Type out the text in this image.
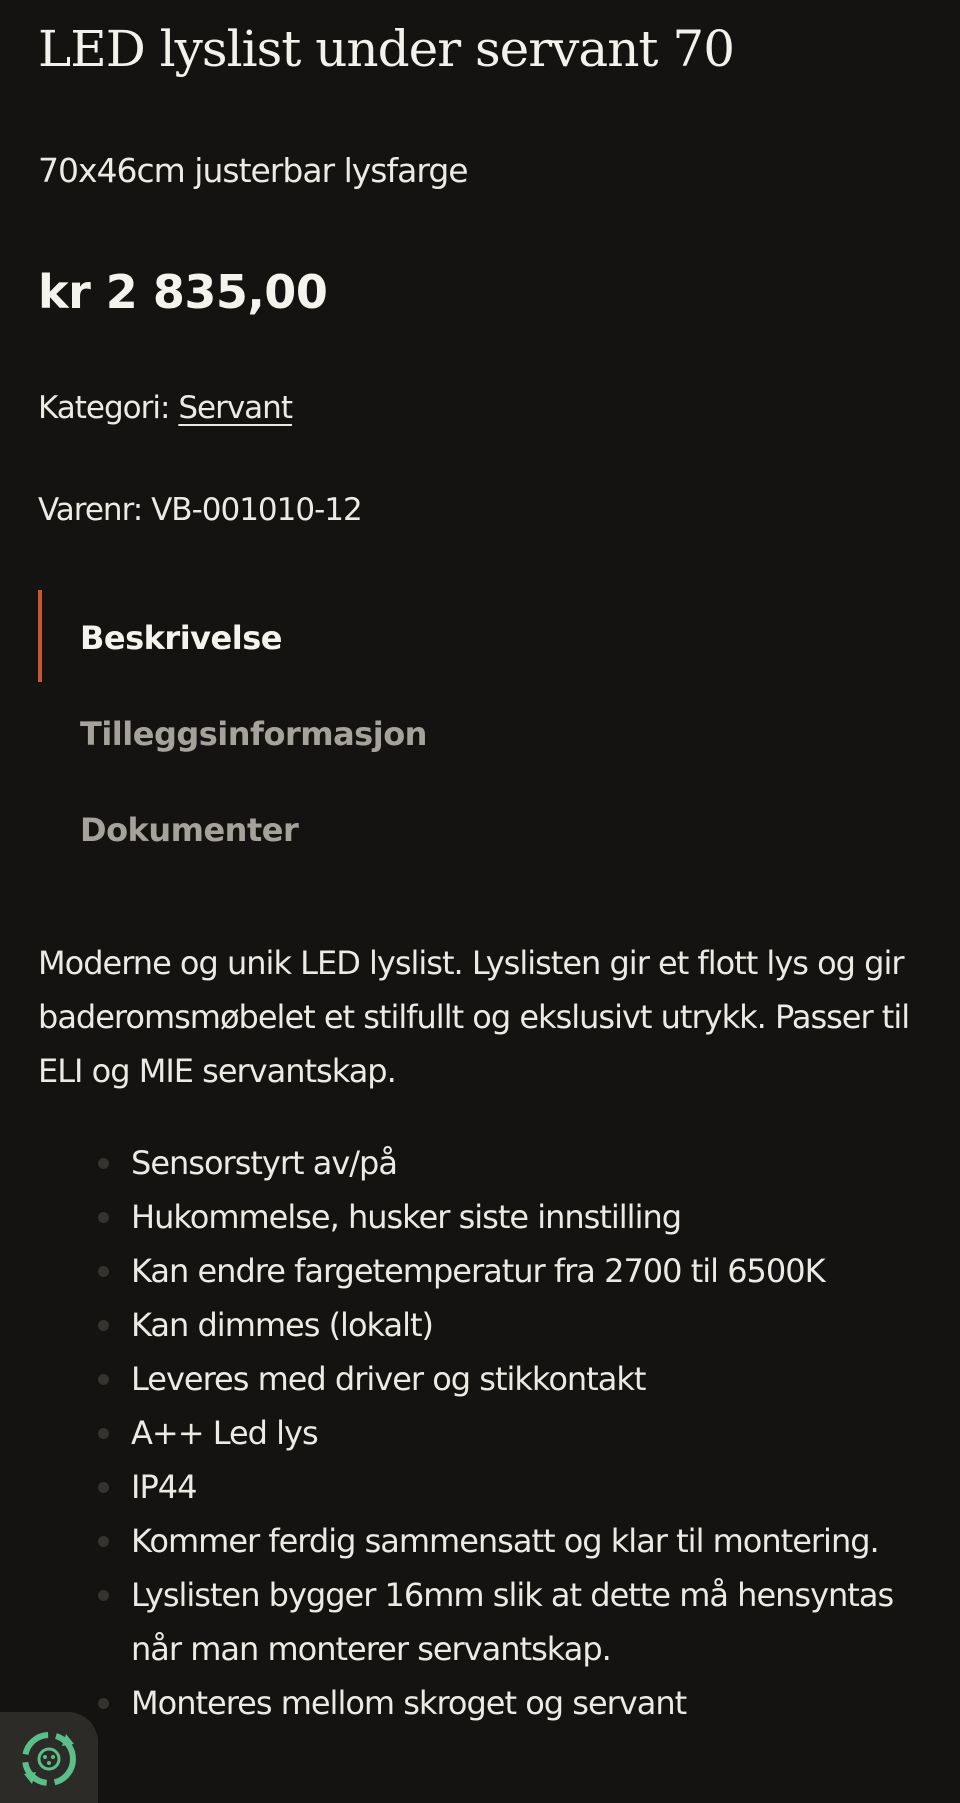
LED lyslist under servant 70
70x46cm justerbar lysfarge
kr 2 835,00
Kategori: Servant
Varenr: VB-001010-12
Beskrivelse
Tilleggsinformasjon
Dokumenter

Moderne og unik LED lyslist. Lyslisten gir et flott lys og gir baderomsmøbelet et stilfullt og ekslusivt utrykk. Passer til ELI og MIE servantskap.

Sensorstyrt av/på
Hukommelse, husker siste innstilling
Kan endre fargetemperatur fra 2700 til 6500K
Kan dimmes (lokalt)
Leveres med driver og stikkontakt
A++ Led lys
IP44
Kommer ferdig sammensatt og klar til montering.
Lyslisten bygger 16mm slik at dette må hensyntas når man monterer servantskap.
Monteres mellom skroget og servant
